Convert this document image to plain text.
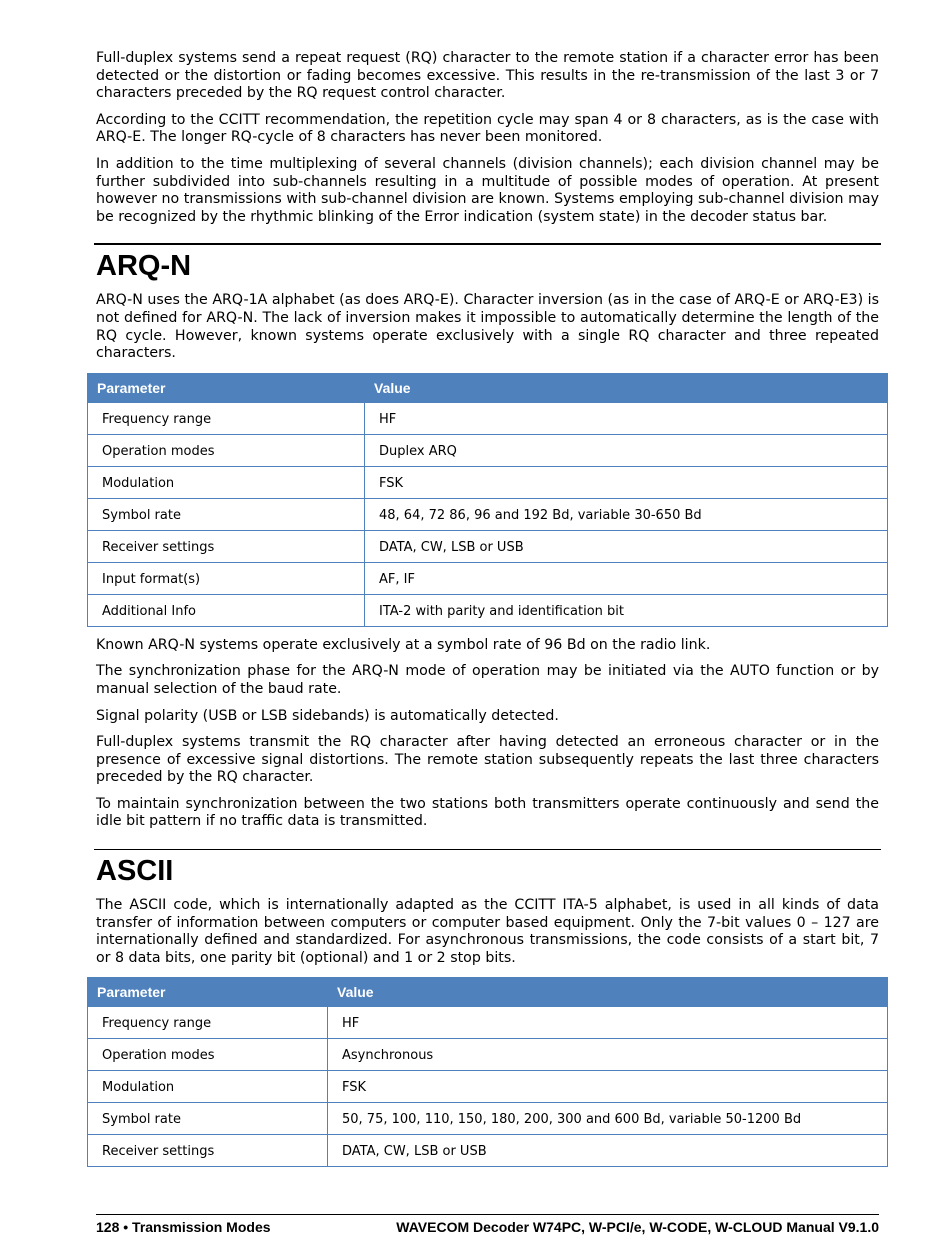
Full-duplex systems send a repeat request (RQ) character to the remote station if a character error has been detected or the distortion or fading becomes excessive. This results in the re-transmission of the last 3 or 7 characters preceded by the RQ request control character.

According to the CCITT recommendation, the repetition cycle may span 4 or 8 characters, as is the case with ARQ-E. The longer RQ-cycle of 8 characters has never been monitored.

In addition to the time multiplexing of several channels (division channels); each division channel may be further subdivided into sub-channels resulting in a multitude of possible modes of operation. At present however no transmissions with sub-channel division are known. Systems employing sub-channel division may be recognized by the rhythmic blinking of the Error indication (system state) in the decoder status bar.

ARQ-N

ARQ-N uses the ARQ-1A alphabet (as does ARQ-E). Character inversion (as in the case of ARQ-E or ARQ-E3) is not defined for ARQ-N. The lack of inversion makes it impossible to automatically determine the length of the RQ cycle. However, known systems operate exclusively with a single RQ character and three repeated characters.

Parameter	Value
Frequency range	HF
Operation modes	Duplex ARQ
Modulation	FSK
Symbol rate	48, 64, 72 86, 96 and 192 Bd, variable 30-650 Bd
Receiver settings	DATA, CW, LSB or USB
Input format(s)	AF, IF
Additional Info	ITA-2 with parity and identification bit

Known ARQ-N systems operate exclusively at a symbol rate of 96 Bd on the radio link.

The synchronization phase for the ARQ-N mode of operation may be initiated via the AUTO function or by manual selection of the baud rate.

Signal polarity (USB or LSB sidebands) is automatically detected.

Full-duplex systems transmit the RQ character after having detected an erroneous character or in the presence of excessive signal distortions. The remote station subsequently repeats the last three characters preceded by the RQ character.

To maintain synchronization between the two stations both transmitters operate continuously and send the idle bit pattern if no traffic data is transmitted.

ASCII

The ASCII code, which is internationally adapted as the CCITT ITA-5 alphabet, is used in all kinds of data transfer of information between computers or computer based equipment. Only the 7-bit values 0 – 127 are internationally defined and standardized. For asynchronous transmissions, the code consists of a start bit, 7 or 8 data bits, one parity bit (optional) and 1 or 2 stop bits.

Parameter	Value
Frequency range	HF
Operation modes	Asynchronous
Modulation	FSK
Symbol rate	50, 75, 100, 110, 150, 180, 200, 300 and 600 Bd, variable 50-1200 Bd
Receiver settings	DATA, CW, LSB or USB
128 • Transmission Modes	WAVECOM Decoder W74PC, W-PCI/e, W-CODE, W-CLOUD Manual V9.1.0
